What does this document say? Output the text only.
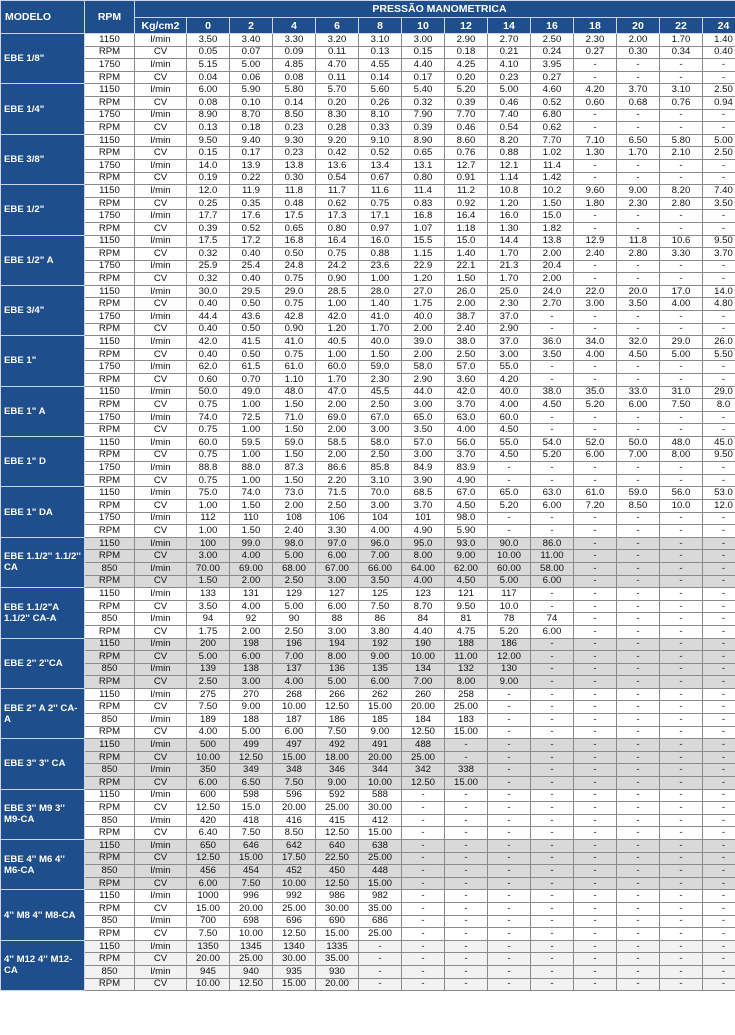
MODELO	RPM	PRESSÃO MANOMETRICA													
		Kg/cm2	0	2	4	6	8	10	12	14	16	18	20	22	24
EBE 1/8"	1150	l/min	3.50	3.40	3.30	3.20	3.10	3.00	2.90	2.70	2.50	2.30	2.00	1.70	1.40
	RPM	CV	0.05	0.07	0.09	0.11	0.13	0.15	0.18	0.21	0.24	0.27	0.30	0.34	0.40
	1750	l/min	5.15	5.00	4.85	4.70	4.55	4.40	4.25	4.10	3.95	-	-	-	-
	RPM	CV	0.04	0.06	0.08	0.11	0.14	0.17	0.20	0.23	0.27	-	-	-	-
EBE 1/4"	1150	l/min	6.00	5.90	5.80	5.70	5.60	5.40	5.20	5.00	4.60	4.20	3.70	3.10	2.50
	RPM	CV	0.08	0.10	0.14	0.20	0.26	0.32	0.39	0.46	0.52	0.60	0.68	0.76	0.94
	1750	l/min	8.90	8.70	8.50	8.30	8.10	7.90	7.70	7.40	6.80	-	-	-	-
	RPM	CV	0.13	0.18	0.23	0.28	0.33	0.39	0.46	0.54	0.62	-	-	-	-
EBE 3/8"	1150	l/min	9.50	9.40	9.30	9.20	9.10	8.90	8.60	8.20	7.70	7.10	6.50	5.80	5.00
	RPM	CV	0.15	0.17	0.23	0.42	0.52	0.65	0.76	0.88	1.02	1.30	1.70	2.10	2.50
	1750	l/min	14.0	13.9	13.8	13.6	13.4	13.1	12.7	12.1	11.4	-	-	-	-
	RPM	CV	0.19	0.22	0.30	0.54	0.67	0.80	0.91	1.14	1.42	-	-	-	-
EBE 1/2"	1150	l/min	12.0	11.9	11.8	11.7	11.6	11.4	11.2	10.8	10.2	9.60	9.00	8.20	7.40
	RPM	CV	0.25	0.35	0.48	0.62	0.75	0.83	0.92	1.20	1.50	1.80	2.30	2.80	3.50
	1750	l/min	17.7	17.6	17.5	17.3	17.1	16.8	16.4	16.0	15.0	-	-	-	-
	RPM	CV	0.39	0.52	0.65	0.80	0.97	1.07	1.18	1.30	1.82	-	-	-	-
EBE 1/2" A	1150	l/min	17.5	17.2	16.8	16.4	16.0	15.5	15.0	14.4	13.8	12.9	11.8	10.6	9.50
	RPM	CV	0.32	0.40	0.50	0.75	0.88	1.15	1.40	1.70	2.00	2.40	2.80	3.30	3.70
	1750	l/min	25.9	25.4	24.8	24.2	23.6	22.9	22.1	21.3	20.4	-	-	-	-
	RPM	CV	0.32	0.40	0.75	0.90	1.00	1.20	1.50	1.70	2.00	-	-	-	-
EBE 3/4"	1150	l/min	30.0	29.5	29.0	28.5	28.0	27.0	26.0	25.0	24.0	22.0	20.0	17.0	14.0
	RPM	CV	0.40	0.50	0.75	1.00	1.40	1.75	2.00	2.30	2.70	3.00	3.50	4.00	4.80
	1750	l/min	44.4	43.6	42.8	42.0	41.0	40.0	38.7	37.0	-	-	-	-	-
	RPM	CV	0.40	0.50	0.90	1.20	1.70	2.00	2.40	2.90	-	-	-	-	-
EBE 1"	1150	l/min	42.0	41.5	41.0	40.5	40.0	39.0	38.0	37.0	36.0	34.0	32.0	29.0	26.0
	RPM	CV	0.40	0.50	0.75	1.00	1.50	2.00	2.50	3.00	3.50	4.00	4.50	5.00	5.50
	1750	l/min	62.0	61.5	61.0	60.0	59.0	58.0	57.0	55.0	-	-	-	-	-
	RPM	CV	0.60	0.70	1.10	1.70	2.30	2.90	3.60	4.20	-	-	-	-	-
EBE 1" A	1150	l/min	50.0	49.0	48.0	47.0	45.5	44.0	42.0	40.0	38.0	35.0	33.0	31.0	29.0
	RPM	CV	0.75	1.00	1.50	2.00	2.50	3.00	3.70	4.00	4.50	5.20	6.00	7.50	8.0
	1750	l/min	74.0	72.5	71.0	69.0	67.0	65.0	63.0	60.0	-	-	-	-	-
	RPM	CV	0.75	1.00	1.50	2.00	3.00	3.50	4.00	4.50	-	-	-	-	-
EBE 1" D	1150	l/min	60.0	59.5	59.0	58.5	58.0	57.0	56.0	55.0	54.0	52.0	50.0	48.0	45.0
	RPM	CV	0.75	1.00	1.50	2.00	2.50	3.00	3.70	4.50	5.20	6.00	7.00	8.00	9.50
	1750	l/min	88.8	88.0	87.3	86.6	85.8	84.9	83.9	-	-	-	-	-	-
	RPM	CV	0.75	1.00	1.50	2.20	3.10	3.90	4.90	-	-	-	-	-	-
EBE 1" DA	1150	l/min	75.0	74.0	73.0	71.5	70.0	68.5	67.0	65.0	63.0	61.0	59.0	56.0	53.0
	RPM	CV	1.00	1.50	2.00	2.50	3.00	3.70	4.50	5.20	6.00	7.20	8.50	10.0	12.0
	1750	l/min	112	110	108	106	104	101	98.0	-	-	-	-	-	-
	RPM	CV	1.00	1.50	2.40	3.30	4.00	4.90	5.90	-	-	-	-	-	-
EBE 1.1/2'' 1.1/2'' CA	1150	l/min	100	99.0	98.0	97.0	96.0	95.0	93.0	90.0	86.0	-	-	-	-
	RPM	CV	3.00	4.00	5.00	6.00	7.00	8.00	9.00	10.00	11.00	-	-	-	-
	850	l/min	70.00	69.00	68.00	67.00	66.00	64.00	62.00	60.00	58.00	-	-	-	-
	RPM	CV	1.50	2.00	2.50	3.00	3.50	4.00	4.50	5.00	6.00	-	-	-	-
EBE 1.1/2"A 1.1/2'' CA-A	1150	l/min	133	131	129	127	125	123	121	117	-	-	-	-	-
	RPM	CV	3.50	4.00	5.00	6.00	7.50	8.70	9.50	10.0	-	-	-	-	-
	850	l/min	94	92	90	88	86	84	81	78	74	-	-	-	-
	RPM	CV	1.75	2.00	2.50	3.00	3.80	4.40	4.75	5.20	6.00	-	-	-	-
EBE 2'' 2''CA	1150	l/min	200	198	196	194	192	190	188	186	-	-	-	-	-
	RPM	CV	5.00	6.00	7.00	8.00	9.00	10.00	11.00	12.00	-	-	-	-	-
	850	l/min	139	138	137	136	135	134	132	130	-	-	-	-	-
	RPM	CV	2.50	3.00	4.00	5.00	6.00	7.00	8.00	9.00	-	-	-	-	-
EBE 2" A 2'' CA-A	1150	l/min	275	270	268	266	262	260	258	-	-	-	-	-	-
	RPM	CV	7.50	9.00	10.00	12.50	15.00	20.00	25.00	-	-	-	-	-	-
	850	l/min	189	188	187	186	185	184	183	-	-	-	-	-	-
	RPM	CV	4.00	5.00	6.00	7.50	9.00	12.50	15.00	-	-	-	-	-	-
EBE 3'' 3'' CA	1150	l/min	500	499	497	492	491	488	-	-	-	-	-	-	-
	RPM	CV	10.00	12.50	15.00	18.00	20.00	25.00	-	-	-	-	-	-	-
	850	l/min	350	349	348	346	344	342	338	-	-	-	-	-	-
	RPM	CV	6.00	6.50	7.50	9.00	10.00	12.50	15.00	-	-	-	-	-	-
EBE 3'' M9 3'' M9-CA	1150	l/min	600	598	596	592	588	-	-	-	-	-	-	-	-
	RPM	CV	12.50	15.0	20.00	25.00	30.00	-	-	-	-	-	-	-	-
	850	l/min	420	418	416	415	412	-	-	-	-	-	-	-	-
	RPM	CV	6.40	7.50	8.50	12.50	15.00	-	-	-	-	-	-	-	-
EBE 4'' M6 4'' M6-CA	1150	l/min	650	646	642	640	638	-	-	-	-	-	-	-	-
	RPM	CV	12.50	15.00	17.50	22.50	25.00	-	-	-	-	-	-	-	-
	850	l/min	456	454	452	450	448	-	-	-	-	-	-	-	-
	RPM	CV	6.00	7.50	10.00	12.50	15.00	-	-	-	-	-	-	-	-
4'' M8 4'' M8-CA	1150	l/min	1000	996	992	986	982	-	-	-	-	-	-	-	-
	RPM	CV	15.00	20.00	25.00	30.00	35.00	-	-	-	-	-	-	-	-
	850	l/min	700	698	696	690	686	-	-	-	-	-	-	-	-
	RPM	CV	7.50	10.00	12.50	15.00	25.00	-	-	-	-	-	-	-	-
4'' M12 4'' M12-CA	1150	l/min	1350	1345	1340	1335	-	-	-	-	-	-	-	-	-
	RPM	CV	20.00	25.00	30.00	35.00	-	-	-	-	-	-	-	-	-
	850	l/min	945	940	935	930	-	-	-	-	-	-	-	-	-
	RPM	CV	10.00	12.50	15.00	20.00	-	-	-	-	-	-	-	-	-
